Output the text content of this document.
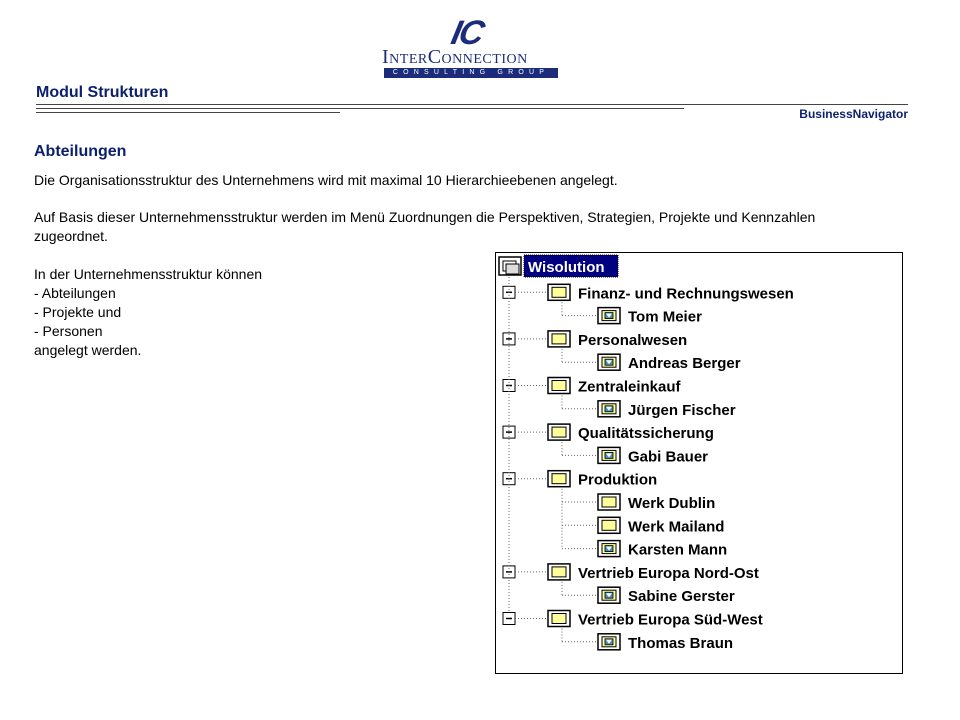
IC
InterConnection
CONSULTING GROUP
Modul Strukturen
BusinessNavigator
Abteilungen
Die Organisationsstruktur des Unternehmens wird mit maximal 10 Hierarchieebenen angelegt.
Auf Basis dieser Unternehmensstruktur werden im Menü Zuordnungen die Perspektiven, Strategien, Projekte und Kennzahlen zugeordnet.
In der Unternehmensstruktur können
- Abteilungen
- Projekte und
- Personen
angelegt werden.
Wisolution
Finanz- und Rechnungswesen
Tom Meier
Personalwesen
Andreas Berger
Zentraleinkauf
Jürgen Fischer
Qualitätssicherung
Gabi Bauer
Produktion
Werk Dublin
Werk Mailand
Karsten Mann
Vertrieb Europa Nord-Ost
Sabine Gerster
Vertrieb Europa Süd-West
Thomas Braun
